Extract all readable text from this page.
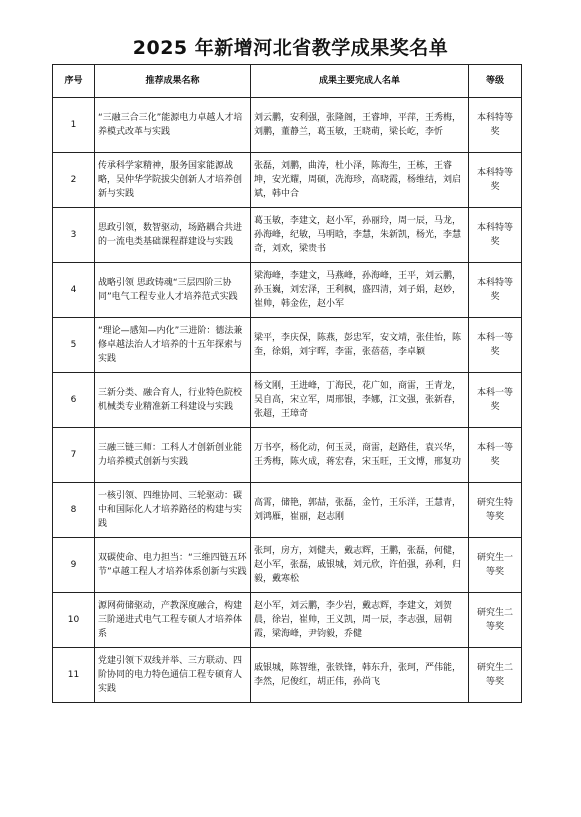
2025 年新增河北省教学成果奖名单
序号	推荐成果名称	成果主要完成人名单	等级
1	“三融三合三化”能源电力卓越人才培养模式改革与实践	刘云鹏，安利强，张隆阁，王睿坤，平萍，王秀梅，刘鹏，董静兰，葛玉敏，王晓萌，梁长屹，李忻	本科特等奖
2	传承科学家精神，服务国家能源战略，吴仲华学院拔尖创新人才培养创新与实践	张磊，刘鹏，曲涛，杜小泽，陈海生，王栋，王睿坤，安光耀，周硕，冼海珍，高晓霞，杨维结，刘启斌，韩中合	本科特等奖
3	思政引领，数智驱动，场路耦合共进的一流电类基础课程群建设与实践	葛玉敏，李建文，赵小军，孙丽玲，周一辰，马龙，孙海峰，纪敏，马明晗，李慧，朱新凯，杨光，李慧奇，刘欢，梁贵书	本科特等奖
4	战略引领 思政铸魂“三层四阶三协同”电气工程专业人才培养范式实践	梁海峰，李建文，马燕峰，孙海峰，王平，刘云鹏，孙玉巍，刘宏泽，王利枫，盛四清，刘子娟，赵妙，崔帅，韩金佐，赵小军	本科特等奖
5	“理论—感知—内化”三进阶：德法兼修卓越法治人才培养的十五年探索与实践	梁平，李庆保，陈燕，彭忠军，安文靖，张佳怡，陈奎，徐娟，刘宇晖，李雷，张蓓蓓，李卓颖	本科一等奖
6	三新分类、融合育人，行业特色院校机械类专业精准新工科建设与实践	杨文刚，王进峰，丁海民，花广如，商雷，王青龙，吴自高，宋立军，周邢银，李娜，江文强，张新春，张超，王璋奇	本科一等奖
7	三融三链三师：工科人才创新创业能力培养模式创新与实践	万书亭，杨化动，何玉灵，商雷，赵路佳，袁兴华，王秀梅，陈火成，蒋宏春，宋玉旺，王文博，邢复功	本科一等奖
8	一核引领、四维协同、三轮驱动：碳中和国际化人才培养路径的构建与实践	高霄，储艳，郭喆，张磊，金竹，王乐洋，王慧青，刘鸿雁，崔丽，赵志刚	研究生特等奖
9	双碳使命、电力担当：“三维四链五环节”卓越工程人才培养体系创新与实践	张珂，房方，刘健夫，戴志辉，王鹏，张磊，何健，赵小军，张磊，戚银城，刘元欣，许伯强，孙利，归毅，戴寒松	研究生一等奖
10	源网荷储驱动，产教深度融合，构建三阶递进式电气工程专硕人才培养体系	赵小军，刘云鹏，李少岩，戴志辉，李建文，刘贺晨，徐岩，崔帅，王义凯，周一辰，李志强，屈朝霞，梁海峰，尹钧毅，乔健	研究生二等奖
11	党建引领下双线并举、三方联动、四阶协同的电力特色通信工程专硕育人实践	戚银城，陈智维，张铁锋，韩东升，张珂，严伟能，李然，尼俊红，胡正伟，孙尚飞	研究生二等奖
